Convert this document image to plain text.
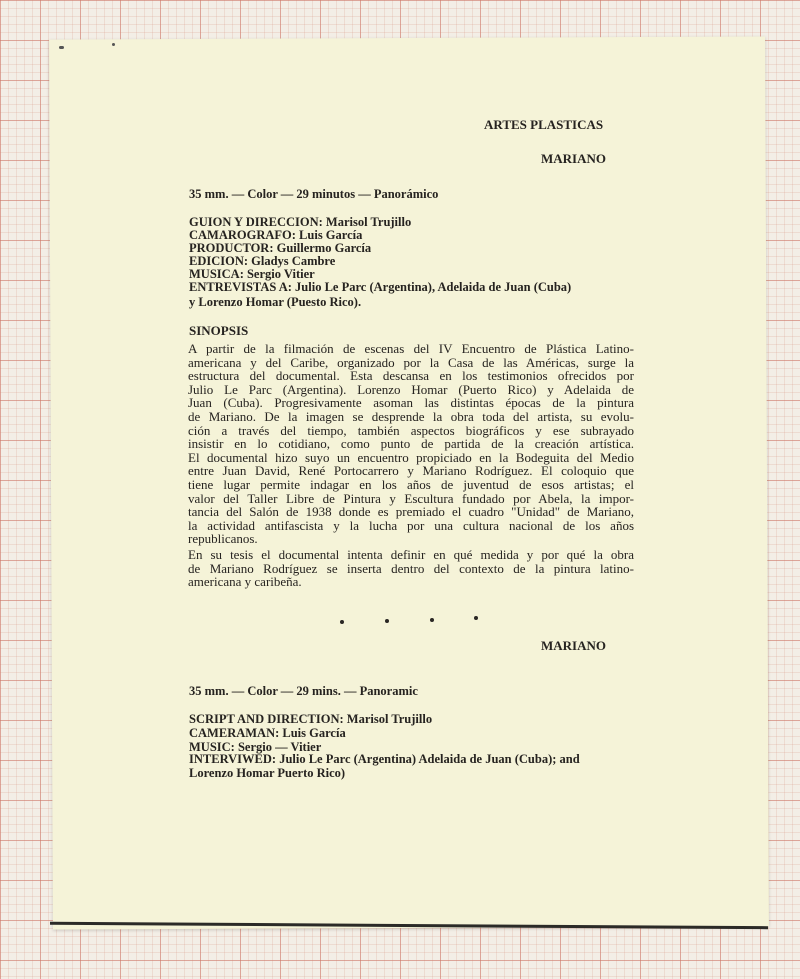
ARTES PLASTICAS

MARIANO

35 mm. — Color — 29 minutos — Panorámico

GUION Y DIRECCION: Marisol Trujillo

CAMAROGRAFO: Luis García

PRODUCTOR: Guillermo García

EDICION: Gladys Cambre

MUSICA: Sergio Vitier

ENTREVISTAS A: Julio Le Parc (Argentina), Adelaida de Juan (Cuba)

y Lorenzo Homar (Puesto Rico).

SINOPSIS

A partir de la filmación de escenas del IV Encuentro de Plástica Latino-
americana y del Caribe, organizado por la Casa de las Américas, surge la
estructura del documental. Esta descansa en los testimonios ofrecidos por
Julio Le Parc (Argentina). Lorenzo Homar (Puerto Rico) y Adelaida de
Juan (Cuba). Progresivamente asoman las distintas épocas de la pintura
de Mariano. De la imagen se desprende la obra toda del artista, su evolu-
ción a través del tiempo, también aspectos biográficos y ese subrayado
insistir en lo cotidiano, como punto de partida de la creación artística.
El documental hizo suyo un encuentro propiciado en la Bodeguita del Medio
entre Juan David, René Portocarrero y Mariano Rodríguez. El coloquio que
tiene lugar permite indagar en los años de juventud de esos artistas; el
valor del Taller Libre de Pintura y Escultura fundado por Abela, la impor-
tancia del Salón de 1938 donde es premiado el cuadro "Unidad" de Mariano,
la actividad antifascista y la lucha por una cultura nacional de los años
republicanos.
En su tesis el documental intenta definir en qué medida y por qué la obra
de Mariano Rodríguez se inserta dentro del contexto de la pintura latino-
americana y caribeña.

MARIANO

35 mm. — Color — 29 mins. — Panoramic

SCRIPT AND DIRECTION: Marisol Trujillo

CAMERAMAN: Luis García

MUSIC: Sergio — Vitier

INTERVIWED: Julio Le Parc (Argentina) Adelaida de Juan (Cuba); and

Lorenzo Homar Puerto Rico)
